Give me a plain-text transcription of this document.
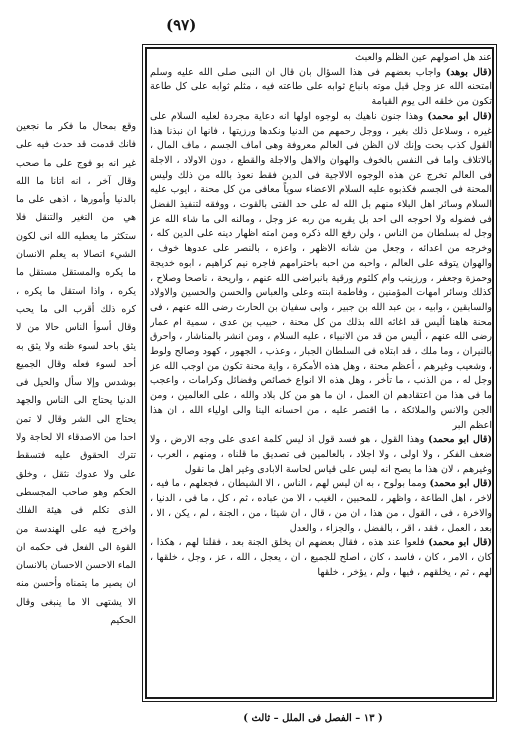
(٩٧)

عند هل اصولهم عين الظلم والعبث

(قال بوهد) واجاب بعضهم فى هذا السؤال بان قال ان النبى صلى الله عليه وسلم امتحنه الله عز وجل قبل موته بانباع ثوابه على طاعته فيه ، مثلم ثوابه على كل طاعة تكون من خلقه الى يوم القيامة

(قال ابو محمد) وهذا جنون ناهيك به لوجوه اولها انه دعاية مجردة لعليه السلام على غيره ، وسلاعل ذلك بغير ، ووجل رحمهم من الدنيا ونكدها ورزيتها ، فانها ان نبذنا هذا القول كذب بحت وإنك لان الظن فى العالم معروفة وهى اماف الجسم ، ماف المال ، بالاتلاف واما فى النفس بالخوف والهوان والاهل والاجلة والقطع ، دون الاولاد ، الاجلة فى العالم تخرج عن هذه الوجوه الالاجية فى الدين فقط نعوذ بالله من ذلك وليس المحنة فى الجسم فكذبوه عليه السلام الاعضاء سوياً معافى من كل محنة ، ايوب عليه السلام وسائر اهل البلاء منهم بل الله له على حد الفتى بالقوت ، ووفقه لتنفيذ الفضل فى فضوله ولا احوجه الى احد بل يقربه من ربه عز وجل ، ومالنه الى ما شاء الله عز وجل له بسلطان من الناس ، ولن رفع الله ذكره ومن امته اظهار دينه على الدين كله ، وخرجه من اعدائه ، وجعل من شانه الاظهر ، واعزه ، بالنصر على عدوها خوف ، والهوان يتوقه على العالم ، واحبه من احبه باحترامهم فاجره نيم كراهيم ، ابوه خديجة وحمزة وجعفر ، ورزينب وام كلثوم ورقية بانبراضى الله عنهم ، واريحة ، ناصحا وصلاح ، كذلك وسائر امهات المؤمنين ، وفاطمة ابنته وعلى والعباس والحسن والحسين والاولاد والسابقين ، وابيه ، بن عبد الله بن جبير ، وابى سفيان بن الحارث رضى الله عنهم ، فى محنة هاهنا أليس قد اغاثه الله بذلك من كل محنة ، حبيب بن عدى ، سمية ام عمار رضى الله عنهم ، أليس من قد من الانبياء ، عليه السلام ، ومن انشر بالمناشار ، واحرق بالنيران ، وما ملك ، قد ابتلاه فى السلطان الجبار ، وعذب ، الجهور ، كهود وصالح ولوط ، وشعيب وغيرهم ، أعظم محنة ، وهل هذه الأمكرة ، واية محنة تكون من اوجب الله عز وجل له ، من الذنب ، ما تأخر ، وهل هذه الا انواع خصائص وفضائل وكرامات ، واعجب ما فى هذا من اعتقادهم ان العمل ، ان ما هو من كل بلاد والله ، على العالمين ، ومن الجن والانس والملائكة ، ما اقتصر عليه ، من احسانه الينا والى اولياء الله ، ان هذا اعظم البر

(قال ابو محمد) وهذا القول ، هو فسد قول اذ ليس كلمة اعدى على وجه الارض ، ولا ضعف الفكر ، ولا اولى ، ولا اجلاد ، بالعالمين فى تصديق ما قلناه ، ومنهم ، العرب ، وغيرهم ، لان هذا ما يصح انه ليس على قياس لحاسة الابادى وغير اهل ما نقول

(قال ابو محمد) ومما بولوح ، به ان ليس لهم ، الناس ، الا الشيطان ، فجعلهم ، ما فيه ، لاخر ، اهل الطاعة ، واظهر ، للمحبين ، الغيب ، الا من عباده ، ثم ، كل ، ما فى ، الدنيا ، والاخرة ، فى ، القول ، من هذا ، ان من ، قال ، ان شيئا ، من ، الجنة ، لم ، يكن ، الا ، بعد ، العمل ، فقد ، اقر ، بالفضل ، والجزاء ، والعدل

(قال ابو محمد) فلعوا عند هذه ، فقال بعضهم ان يخلق الجنة بعد ، فقلنا لهم ، هكذا ، كان ، الامر ، كان ، فاسد ، كان ، اصلح للجميع ، ان ، يعجل ، الله ، عز ، وجل ، خلقها ، لهم ، ثم ، يخلقهم ، فيها ، ولم ، يؤخر ، خلقها

وقع بمحال ما فكر ما نجعين فانك قدمت قد حدث فيه على غير انه بو فوج على ما صحب وقال آخر ، انه اتانا ما الله بالدنيا وأمورها ، اذهى على ما هي من التغير والتنقل فلا ستكثر ما يعطيه الله انى لكون الشيء اتصالا به يعلم الانسان ما يكره والمستقل مستقل ما يكره ، واذا استقل ما يكره ، كره ذلك أقرب الى ما يحب وقال أسوأ الناس حالا من لا يثق باحد لسوء ظنه ولا يثق به أحد لسوء فعله وقال الجميع بوشدس وإلا سأل والحيل فى الدنيا يحتاج الى الناس والجهد يحتاج الى الشر وقال لا تمن احدا من الاصدقاء الا لحاجة ولا تترك الحقوق عليه فتسقط على ولا عدوك نثقل ، وخلق الحكم وهو صاحب المجسطى الذى تكلم فى هيئة الفلك واخرج فيه على الهندسة من القوة الى الفعل فى حكمه ان الماء الاحسن الاحسان بالانسان ان يصير ما يتمناه وأحسن منه الا يشتهى الا ما ينبغى وقال الحكيم
( ١٣ – الفصل فى الملل – ثالث )
